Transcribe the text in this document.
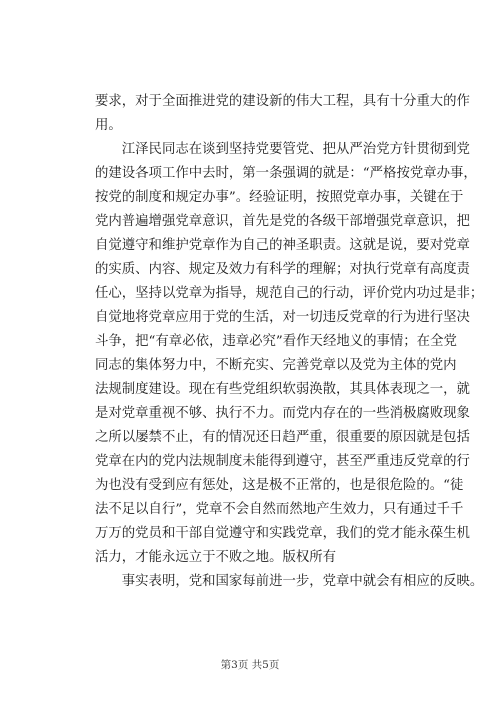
要求，对于全面推进党的建设新的伟大工程，具有十分重大的作
用。
　　江泽民同志在谈到坚持党要管党、把从严治党方针贯彻到党
的建设各项工作中去时，第一条强调的就是：“严格按党章办事，
按党的制度和规定办事”。经验证明，按照党章办事，关键在于
党内普遍增强党章意识，首先是党的各级干部增强党章意识，把
自觉遵守和维护党章作为自己的神圣职责。这就是说，要对党章
的实质、内容、规定及效力有科学的理解；对执行党章有高度责
任心，坚持以党章为指导，规范自己的行动，评价党内功过是非；
自觉地将党章应用于党的生活，对一切违反党章的行为进行坚决
斗争，把“有章必依，违章必究”看作天经地义的事情；在全党
同志的集体努力中，不断充实、完善党章以及党为主体的党内
法规制度建设。现在有些党组织软弱涣散，其具体表现之一，就
是对党章重视不够、执行不力。而党内存在的一些消极腐败现象
之所以屡禁不止，有的情况还日趋严重，很重要的原因就是包括
党章在内的党内法规制度未能得到遵守，甚至严重违反党章的行
为也没有受到应有惩处，这是极不正常的，也是很危险的。“徒
法不足以自行”，党章不会自然而然地产生效力，只有通过千千
万万的党员和干部自觉遵守和实践党章，我们的党才能永葆生机
活力，才能永远立于不败之地。版权所有
　　事实表明，党和国家每前进一步，党章中就会有相应的反映。
第3页 共5页
